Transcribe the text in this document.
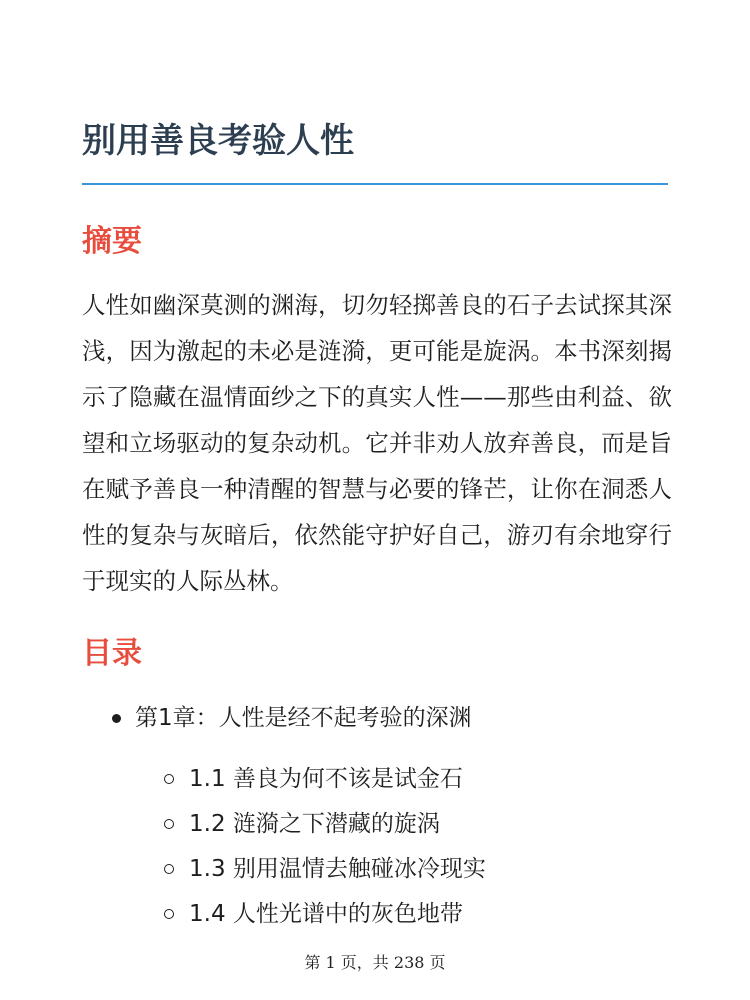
别用善良考验人性
摘要

人性如幽深莫测的渊海，切勿轻掷善良的石子去试探其深浅，因为激起的未必是涟漪，更可能是旋涡。本书深刻揭示了隐藏在温情面纱之下的真实人性——那些由利益、欲望和立场驱动的复杂动机。它并非劝人放弃善良，而是旨在赋予善良一种清醒的智慧与必要的锋芒，让你在洞悉人性的复杂与灰暗后，依然能守护好自己，游刃有余地穿行于现实的人际丛林。

目录
第1章：人性是经不起考验的深渊
1.1 善良为何不该是试金石
1.2 涟漪之下潜藏的旋涡
1.3 别用温情去触碰冰冷现实
1.4 人性光谱中的灰色地带
第 1 页，共 238 页
